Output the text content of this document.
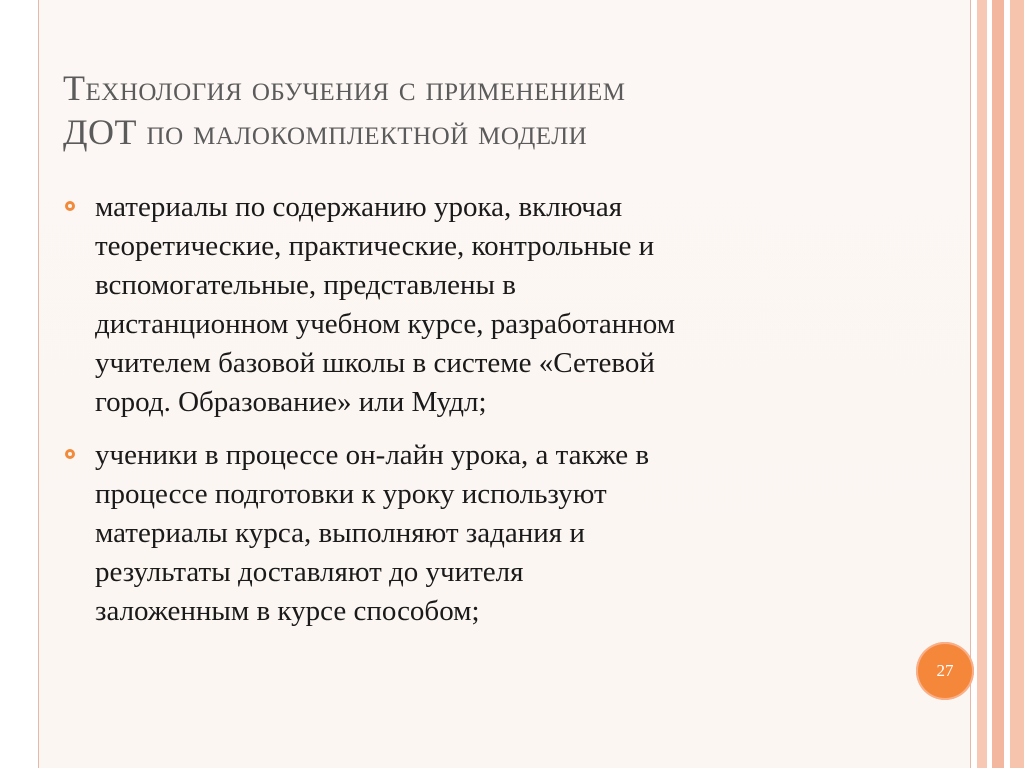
Технология обучения с применением
ДОТ по малокомплектной модели
материалы по содержанию урока, включая
теоретические, практические, контрольные и
вспомогательные, представлены в
дистанционном учебном курсе, разработанном
учителем базовой школы в системе «Сетевой
город. Образование» или Мудл;
ученики в процессе он-лайн урока, а также в
процессе подготовки к уроку используют
материалы курса, выполняют задания и
результаты доставляют до учителя
заложенным в курсе способом;
27
